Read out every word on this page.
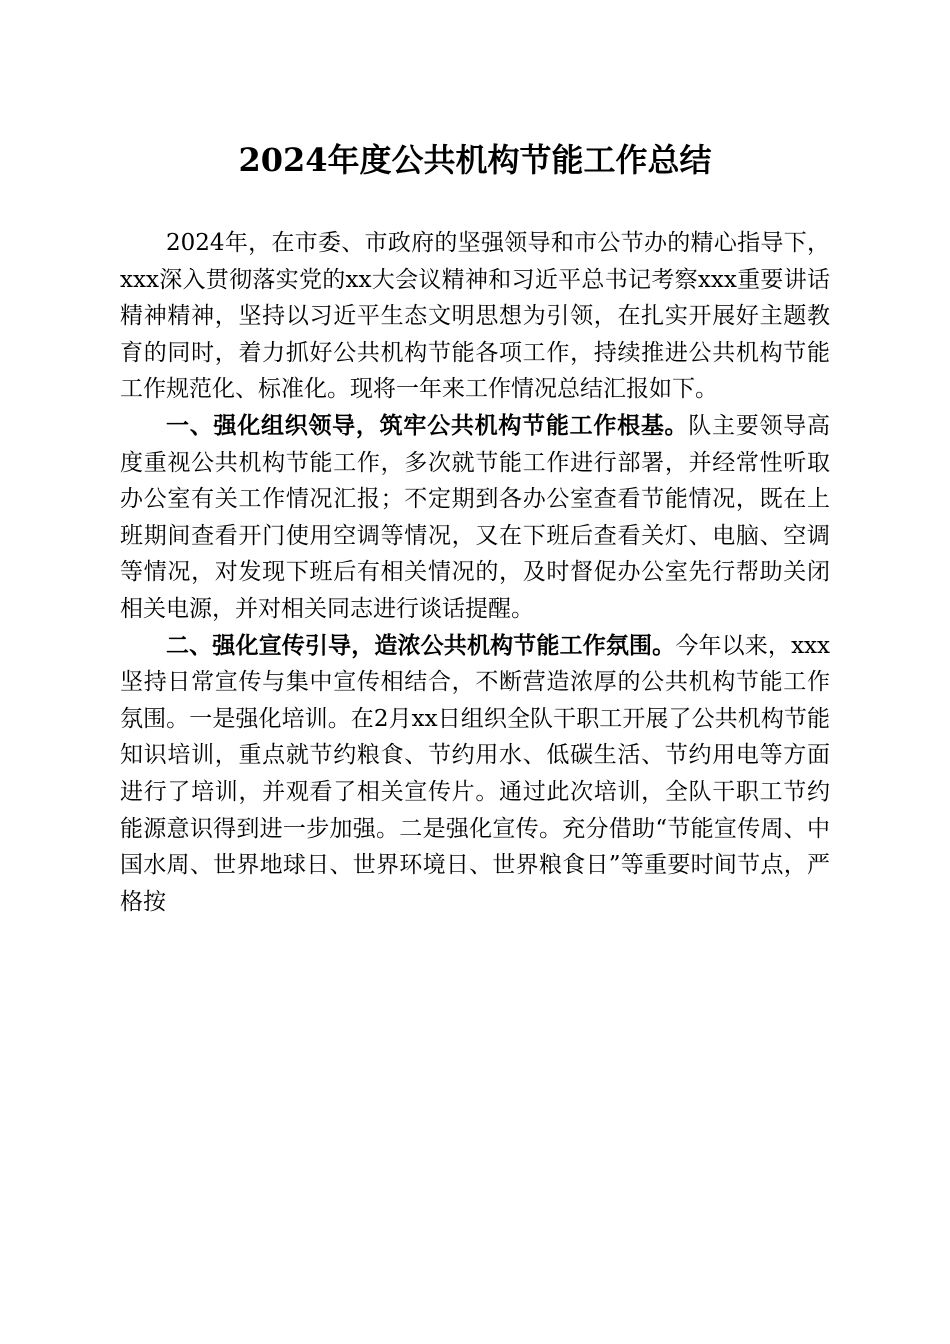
2024年度公共机构节能工作总结

2024年，在市委、市政府的坚强领导和市公节办的精心指导下，xxx深入贯彻落实党的xx大会议精神和习近平总书记考察xxx重要讲话精神精神，坚持以习近平生态文明思想为引领，在扎实开展好主题教育的同时，着力抓好公共机构节能各项工作，持续推进公共机构节能工作规范化、标准化。现将一年来工作情况总结汇报如下。

一、强化组织领导，筑牢公共机构节能工作根基。队主要领导高度重视公共机构节能工作，多次就节能工作进行部署，并经常性听取办公室有关工作情况汇报；不定期到各办公室查看节能情况，既在上班期间查看开门使用空调等情况，又在下班后查看关灯、电脑、空调等情况，对发现下班后有相关情况的，及时督促办公室先行帮助关闭相关电源，并对相关同志进行谈话提醒。

二、强化宣传引导，造浓公共机构节能工作氛围。今年以来，xxx坚持日常宣传与集中宣传相结合，不断营造浓厚的公共机构节能工作氛围。一是强化培训。在2月xx日组织全队干职工开展了公共机构节能知识培训，重点就节约粮食、节约用水、低碳生活、节约用电等方面进行了培训，并观看了相关宣传片。通过此次培训，全队干职工节约能源意识得到进一步加强。二是强化宣传。充分借助“节能宣传周、中国水周、世界地球日、世界环境日、世界粮食日”等重要时间节点，严格按
